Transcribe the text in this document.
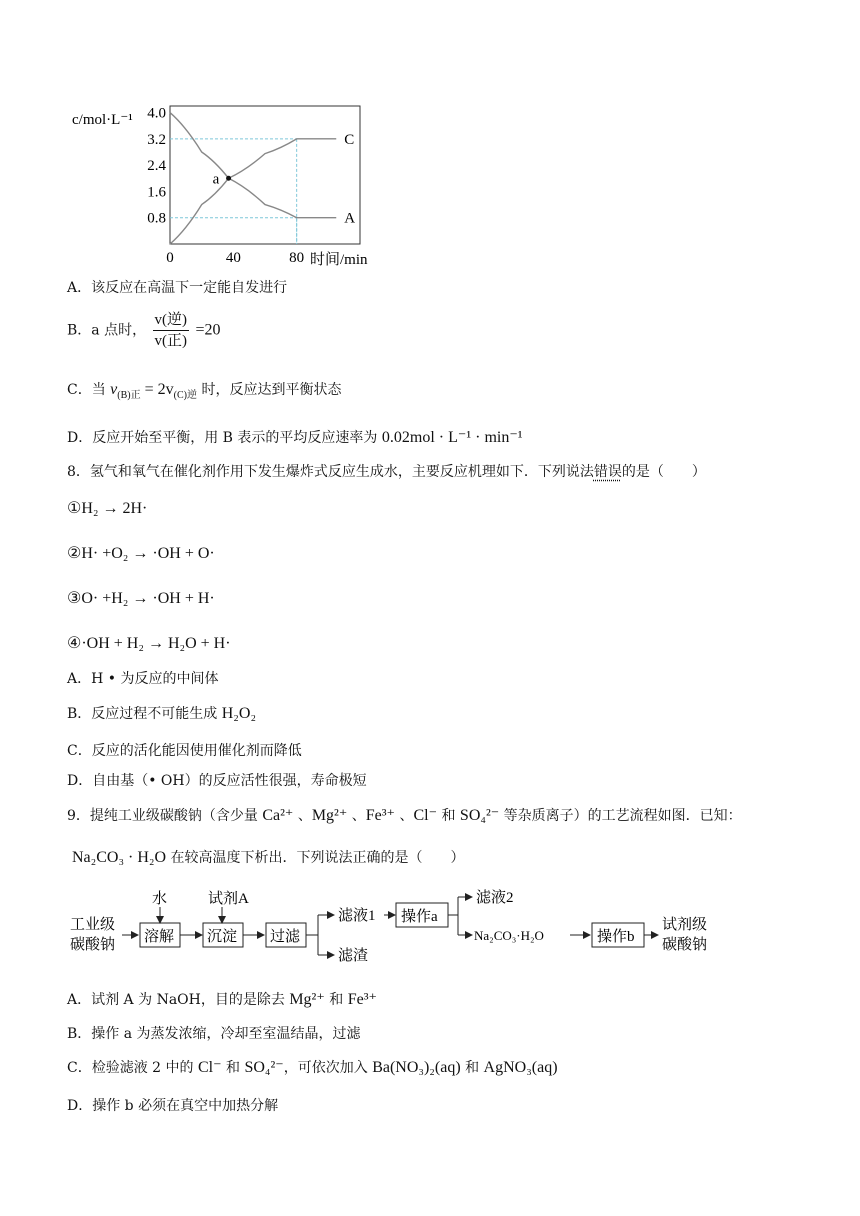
C
A
a
4.0
3.2
2.4
1.6
0.8
0	40	80
c/mol·L⁻¹
时间/min
A．该反应在高温下一定能自发进行
B．a 点时， $\frac{\text{v(逆)}}{\text{v(正)}} =20$
C．当 $v_{(B)正} = 2v_{(C)逆}$ 时，反应达到平衡状态
D．反应开始至平衡，用 B 表示的平均反应速率为 0.02mol · L⁻¹ · min⁻¹
8．氢气和氧气在催化剂作用下发生爆炸式反应生成水，主要反应机理如下．下列说法错误的是（　　）
①H₂ → 2H·
②H· +O₂ → ·OH + O·
③O· +H₂ → ·OH + H·
④·OH + H₂ → H₂O + H·
A．H • 为反应的中间体
B．反应过程不可能生成 H₂O₂
C．反应的活化能因使用催化剂而降低
D．自由基（• OH）的反应活性很强，寿命极短
9．提纯工业级碳酸钠（含少量 Ca²⁺ 、Mg²⁺ 、Fe³⁺ 、Cl⁻ 和 SO₄²⁻ 等杂质离子）的工艺流程如图．已知：
Na₂CO₃ · H₂O 在较高温度下析出．下列说法正确的是（　　）
工业级
碳酸钠
水
溶解
试剂A
沉淀 过滤
滤液1
滤渣
操作a
滤液2
Na₂CO₃·H₂O	操作b
试剂级
碳酸钠
A．试剂 A 为 NaOH，目的是除去 Mg²⁺ 和 Fe³⁺
B．操作 a 为蒸发浓缩，冷却至室温结晶，过滤
C．检验滤液 2 中的 Cl⁻ 和 SO₄²⁻，可依次加入 Ba(NO₃)₂(aq) 和 AgNO₃(aq)
D．操作 b 必须在真空中加热分解
